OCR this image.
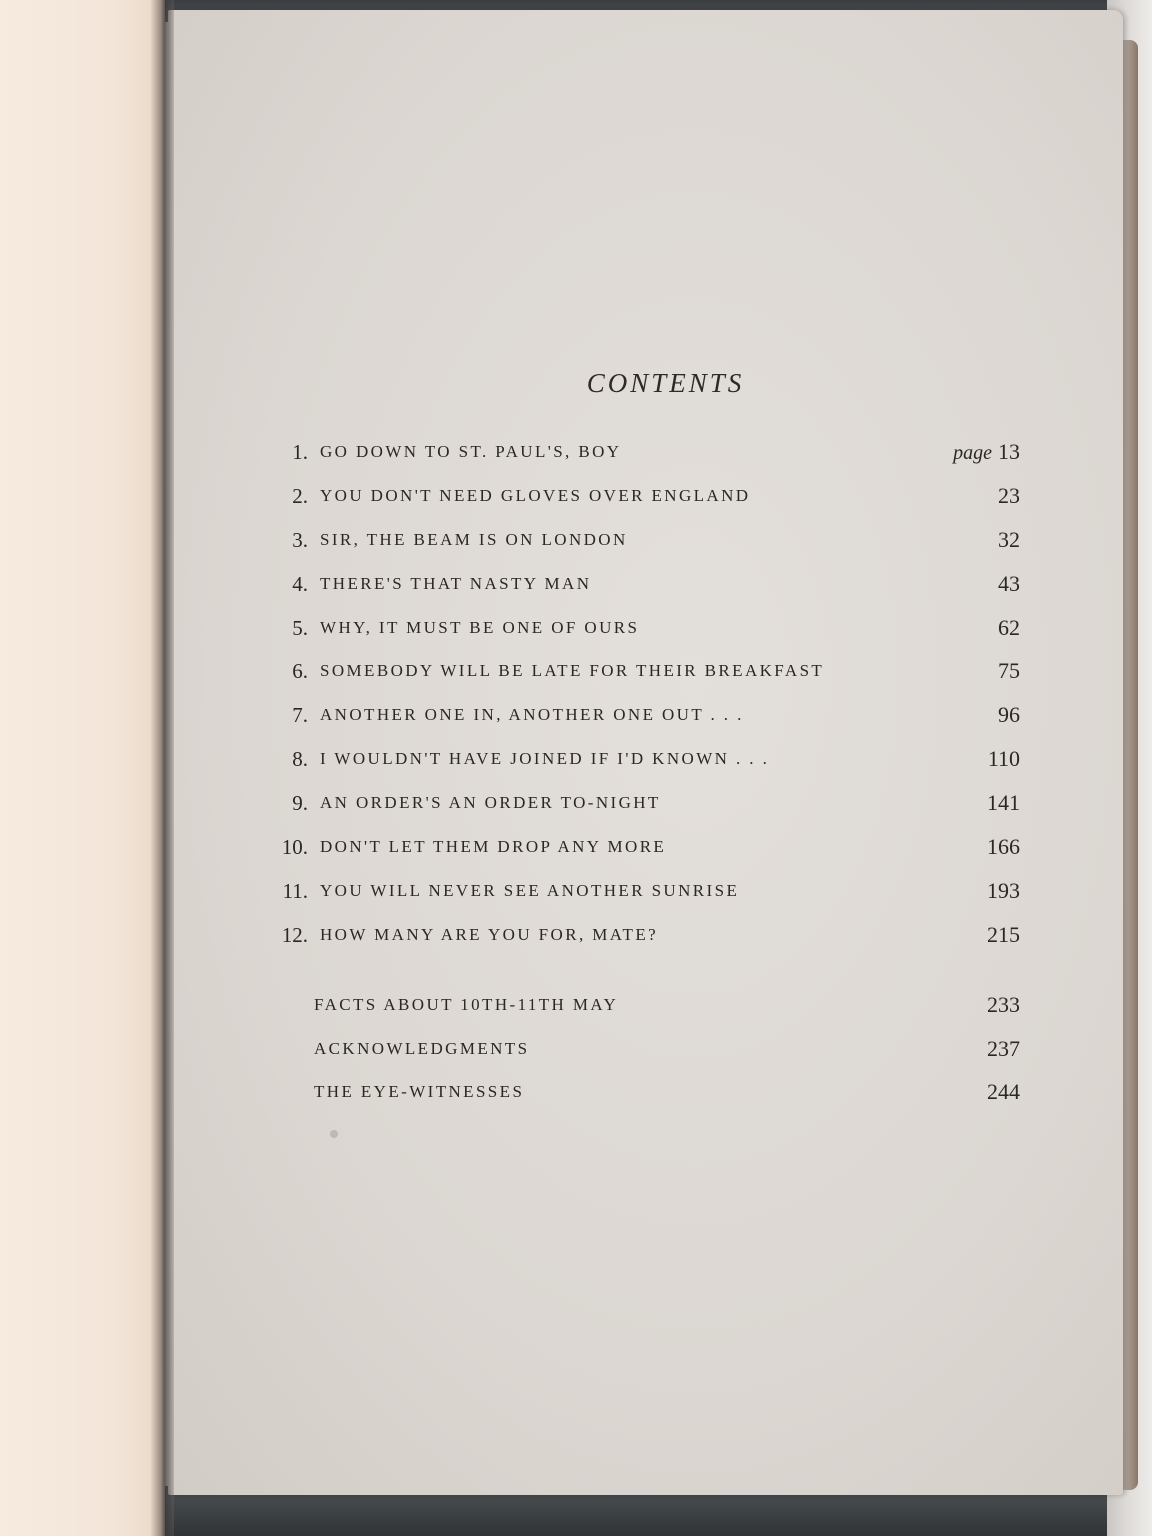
CONTENTS
1. GO DOWN TO ST. PAUL'S, BOY	page 13
2. YOU DON'T NEED GLOVES OVER ENGLAND	23
3. SIR, THE BEAM IS ON LONDON	32
4. THERE'S THAT NASTY MAN	43
5. WHY, IT MUST BE ONE OF OURS	62
6. SOMEBODY WILL BE LATE FOR THEIR BREAKFAST	75
7. ANOTHER ONE IN, ANOTHER ONE OUT . . .	96
8. I WOULDN'T HAVE JOINED IF I'D KNOWN . . .	110
9. AN ORDER'S AN ORDER TO-NIGHT	141
10. DON'T LET THEM DROP ANY MORE	166
11. YOU WILL NEVER SEE ANOTHER SUNRISE	193
12. HOW MANY ARE YOU FOR, MATE?	215
FACTS ABOUT 10TH-11TH MAY	233
ACKNOWLEDGMENTS	237
THE EYE-WITNESSES	244
